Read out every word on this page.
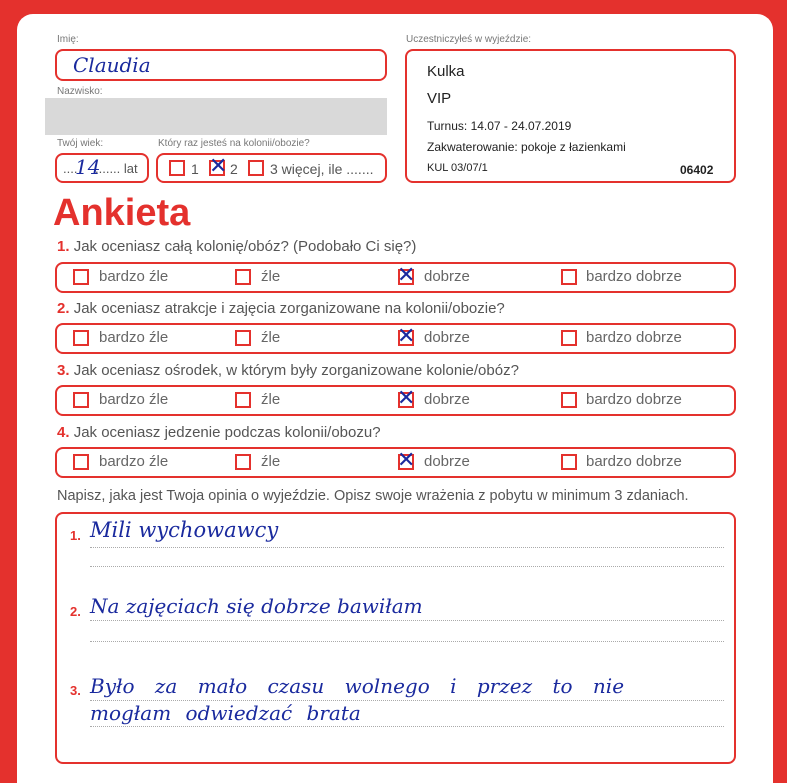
Imię:
Claudia
Nazwisko:
Twój wiek:
....
14
....... lat
Który raz jesteś na kolonii/obozie?
1 ✕ 2 3 więcej, ile .......
Uczestniczyłeś w wyjeździe:
Kulka
VIP
Turnus: 14.07 - 24.07.2019
Zakwaterowanie: pokoje z łazienkami
KUL 03/07/1	06402
Ankieta
1. Jak oceniasz całą kolonię/obóz? (Podobało Ci się?)
bardzo źle	źle	✕ dobrze	bardzo dobrze
2. Jak oceniasz atrakcje i zajęcia zorganizowane na kolonii/obozie?
bardzo źle	źle	✕ dobrze	bardzo dobrze
3. Jak oceniasz ośrodek, w którym były zorganizowane kolonie/obóz?
bardzo źle	źle	✕ dobrze	bardzo dobrze
4. Jak oceniasz jedzenie podczas kolonii/obozu?
bardzo źle	źle	✕ dobrze	bardzo dobrze
Napisz, jaka jest Twoja opinia o wyjeździe. Opisz swoje wrażenia z pobytu w minimum 3 zdaniach.
1. Mili wychowawcy
2. Na zajęciach się dobrze bawiłam
3. Było za mało czasu wolnego i przez to nie
mogłam odwiedzać brata
